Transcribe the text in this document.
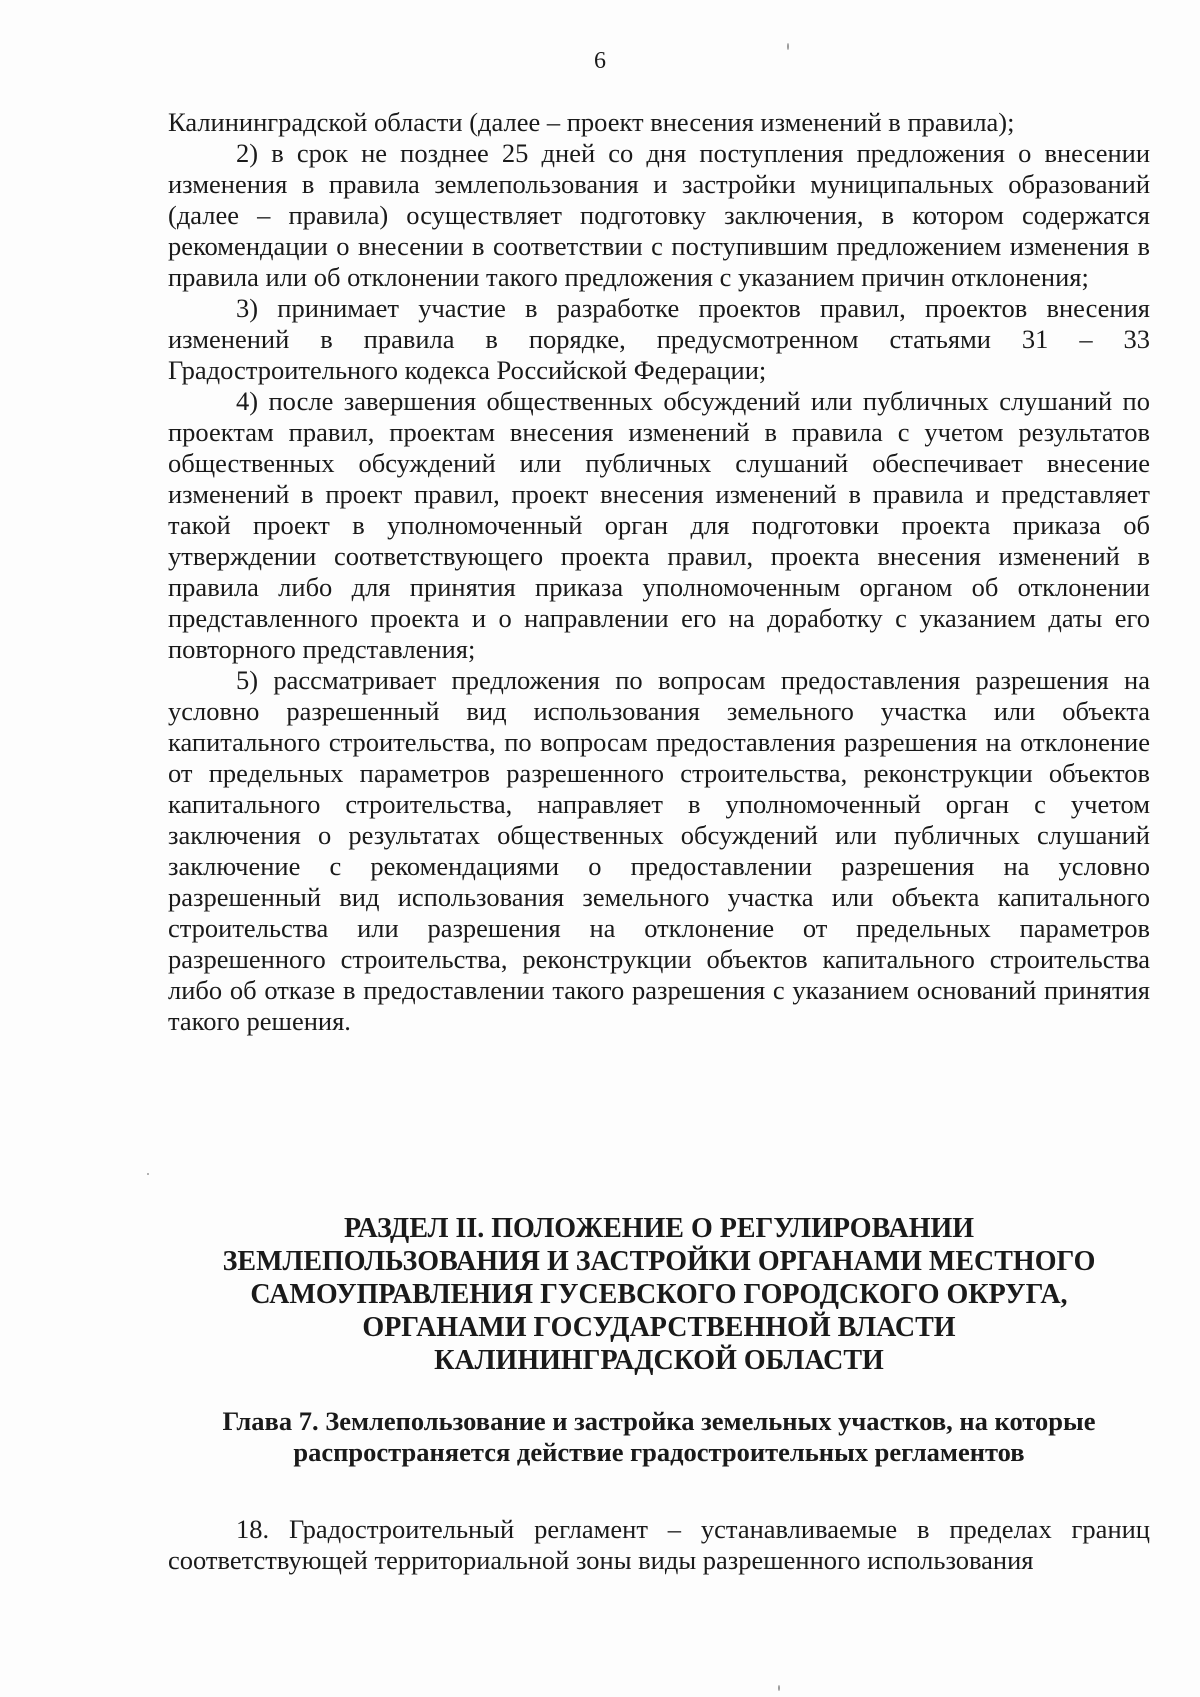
6

Калининградской области (далее – проект внесения изменений в правила);

2) в срок не позднее 25 дней со дня поступления предложения о внесении изменения в правила землепользования и застройки муниципальных образований (далее – правила) осуществляет подготовку заключения, в котором содержатся рекомендации о внесении в соответствии с поступившим предложением изменения в правила или об отклонении такого предложения с указанием причин отклонения;

3) принимает участие в разработке проектов правил, проектов внесения изменений в правила в порядке, предусмотренном статьями 31 – 33 Градостроительного кодекса Российской Федерации;

4) после завершения общественных обсуждений или публичных слушаний по проектам правил, проектам внесения изменений в правила с учетом результатов общественных обсуждений или публичных слушаний обеспечивает внесение изменений в проект правил, проект внесения изменений в правила и представляет такой проект в уполномоченный орган для подготовки проекта приказа об утверждении соответствующего проекта правил, проекта внесения изменений в правила либо для принятия приказа уполномоченным органом об отклонении представленного проекта и о направлении его на доработку с указанием даты его повторного представления;

5) рассматривает предложения по вопросам предоставления разрешения на условно разрешенный вид использования земельного участка или объекта капитального строительства, по вопросам предоставления разрешения на отклонение от предельных параметров разрешенного строительства, реконструкции объектов капитального строительства, направляет в уполномоченный орган с учетом заключения о результатах общественных обсуждений или публичных слушаний заключение с рекомендациями о предоставлении разрешения на условно разрешенный вид использования земельного участка или объекта капитального строительства или разрешения на отклонение от предельных параметров разрешенного строительства, реконструкции объектов капитального строительства либо об отказе в предоставлении такого разрешения с указанием оснований принятия такого решения.

РАЗДЕЛ II. ПОЛОЖЕНИЕ О РЕГУЛИРОВАНИИ
ЗЕМЛЕПОЛЬЗОВАНИЯ И ЗАСТРОЙКИ ОРГАНАМИ МЕСТНОГО
САМОУПРАВЛЕНИЯ ГУСЕВСКОГО ГОРОДСКОГО ОКРУГА,
ОРГАНАМИ ГОСУДАРСТВЕННОЙ ВЛАСТИ
КАЛИНИНГРАДСКОЙ ОБЛАСТИ
Глава 7. Землепользование и застройка земельных участков, на которые
распространяется действие градостроительных регламентов
18. Градостроительный регламент – устанавливаемые в пределах границ соответствующей территориальной зоны виды разрешенного использования
